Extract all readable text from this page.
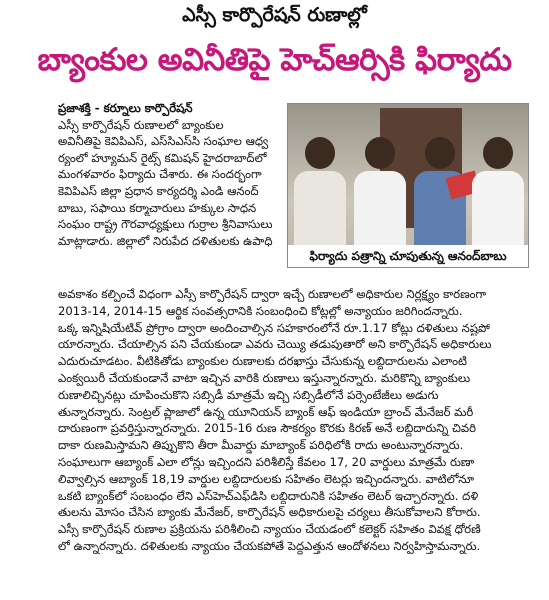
ఎస్సీ కార్పొరేషన్ రుణాల్లో
బ్యాంకుల అవినీతిపై హెచ్ఆర్సికి ఫిర్యాదు

ప్రజాశక్తి - కర్నూలు కార్పొరేషన్

ఎస్సీ కార్పొరేషన్ రుణాలలో బ్యాంకుల

అవినీతిపై కెవిపిఎస్, ఎస్‌సిఎస్‌సి సంఘాల ఆధ్వ

ర్యంలో హ్యూమన్ రైట్స్ కమిషన్ హైదరాబాద్‌లో

మంగళవారం ఫిర్యాదు చేశారు. ఈ సందర్భంగా

కెవిపిఎస్ జిల్లా ప్రధాన కార్యదర్శి ఎండి ఆనంద్

బాబు, సఫాయి కర్మాచారులు హక్కుల సాధన

సంఘం రాష్ట్ర గౌరవాధ్యక్షులు గుర్రాల శ్రీనివాసులు

మాట్లాడారు. జిల్లాలో నిరుపేద దళితులకు ఉపాధి

ఫిర్యాదు పత్రాన్ని చూపుతున్న ఆనంద్‌బాబు

అవకాశం కల్పించే విధంగా ఎస్సీ కార్పొరేషన్ ద్వారా ఇచ్చే రుణాలలో అధికారుల నిర్లక్ష్యం కారణంగా

2013-14, 2014-15 ఆర్థిక సంవత్సరానికి సంబంధించి కోట్లల్లో అన్యాయం జరిగిందన్నారు.

ఒక్క ఇన్నిషియేటివ్ ప్రోగ్రాం ద్వారా అందించాల్సిన సహకారంలోనే రూ.1.17 కోట్లు దళితులు నష్టపో

యారన్నారు. చేయాల్సిన పని చేయకుండా ఎవరు చెయ్యి తడుపుతారో అని కార్పొరేషన్ అధికారులు

ఎదురుచూడటం. వీటికితోడు బ్యాంకుల రుణాలకు దరఖాస్తు చేసుకున్న లబ్దిదారులను ఎలాంటి

ఎంక్వయిరీ చేయకుండానే వాటా ఇచ్చిన వారికి రుణాలు ఇస్తున్నారన్నారు. మరికొన్ని బ్యాంకులు

రుణాలిచ్చినట్లు చూపించుకొని సబ్సిడీ మాత్రమే ఇచ్చి సబ్సిడీలోనే పర్సెంటేజీలు అడుగు

తున్నారన్నారు. సెంట్రల్ ప్లాజాలో ఉన్న యూనియన్ బ్యాంక్ ఆఫ్ ఇండియా బ్రాంచ్ మేనేజర్ మరీ

దారుణంగా ప్రవర్తిస్తున్నారన్నారు. 2015-16 రుణ సౌకర్యం కొరకు కిరణ్ అనే లబ్దిదారున్ని చివరి

దాకా రుణమిస్తామని తిప్పుకొని తీరా మీవార్డు మాబ్యాంక్ పరిధిలోకి రాదు అంటున్నారన్నారు.

సంఘాలుగా ఆబ్యాంక్ ఎలా లోన్లు ఇచ్చిందని పరిశీలిస్తే కేవలం 17, 20 వార్డులు మాత్రమే రుణా

లివ్వాల్సిన ఆబ్యాంక్ 18,19 వార్డుల లబ్దిదారులకు సహితం లెటర్లు ఇచ్చిందన్నారు. వాటిలోనూ

ఒకటి బ్యాంక్‌లో సంబంధం లేని ఎస్‌హెచ్‌ఎఫ్‌డిసి లబ్దిదారునికి సహితం లెటర్ ఇచ్చారన్నారు. దళి

తులను మోసం చేసిన బ్యాంకు మేనేజర్, కార్పొరేషన్ అధికారులపై చర్యలు తీసుకోవాలని కోరారు.

ఎస్సీ కార్పొరేషన్ రుణాల ప్రక్రియను పరిశీలించి న్యాయం చేయడంలో కలెక్టర్ సహితం వివక్ష ధోరణి

లో ఉన్నారన్నారు. దళితులకు న్యాయం చేయకపోతే పెద్దఎత్తున ఆందోళనలు నిర్వహిస్తామన్నారు.
